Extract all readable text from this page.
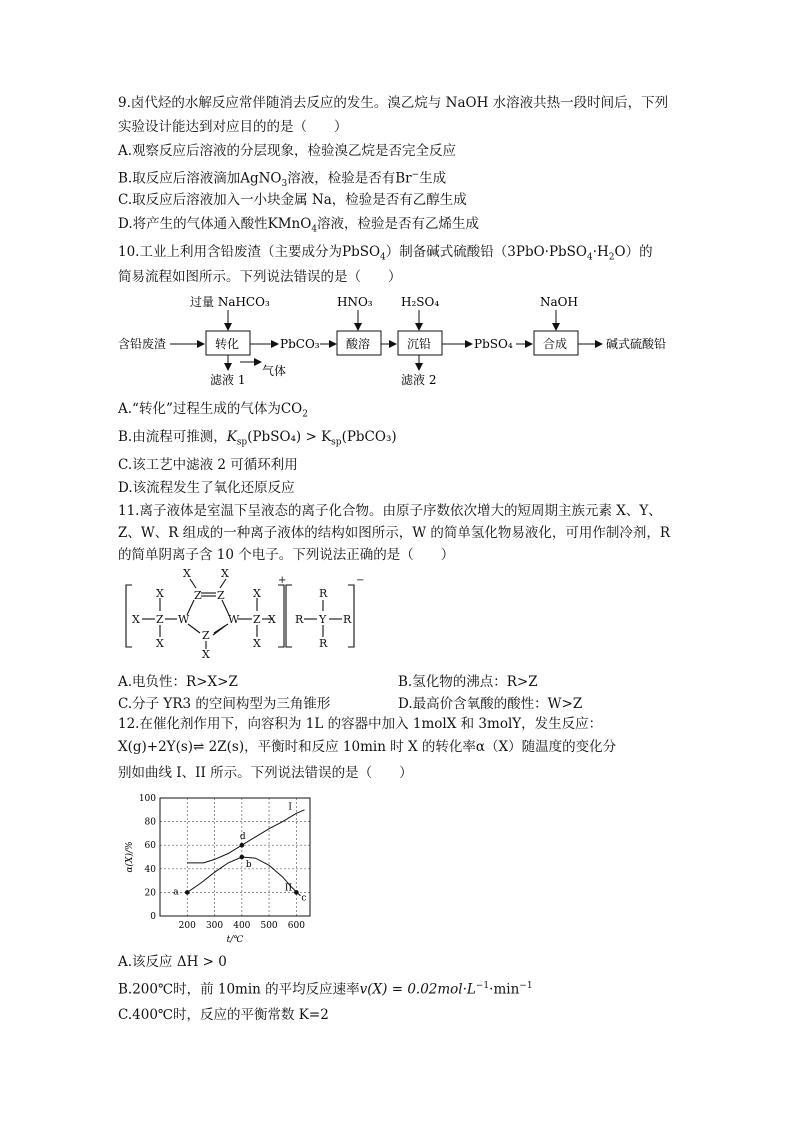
9.卤代烃的水解反应常伴随消去反应的发生。溴乙烷与 NaOH 水溶液共热一段时间后，下列
实验设计能达到对应目的的是（　　）
A.观察反应后溶液的分层现象，检验溴乙烷是否完全反应
B.取反应后溶液滴加AgNO$_3$溶液，检验是否有Br−生成
C.取反应后溶液加入一小块金属 Na，检验是否有乙醇生成
D.将产生的气体通入酸性KMnO$_4$溶液，检验是否有乙烯生成
10.工业上利用含铅废渣（主要成分为PbSO$_4$）制备碱式硫酸铅$(3PbO\cdot PbSO_4\cdot H_2O)$的
简易流程如图所示。下列说法错误的是（　　）
含铅废渣
过量 NaHCO₃
转化
滤液 1
气体
PbCO₃
HNO₃
酸溶
H₂SO₄
沉铅
滤液 2
PbSO₄
NaOH
合成	碱式硫酸铅
A.“转化”过程生成的气体为$CO_2$
B.由流程可推测，$K_{sp}(PbSO_4)$ > $K_{sp}(PbCO_3)$
C.该工艺中滤液 2 可循环利用
D.该流程发生了氧化还原反应
11.离子液体是室温下呈液态的离子化合物。由原子序数依次增大的短周期主族元素 X、Y、
Z、W、R 组成的一种离子液体的结构如图所示，W 的简单氢化物易液化，可用作制冷剂，R
的简单阴离子含 10 个电子。下列说法正确的是（　　）
X
X
Z
X
W
X	X
Z Z
W
Z
X
X
Z
X
X
+
R
R
Y
R
R
−
A.电负性：R>X>Z	B.氢化物的沸点：R>Z
C.分子 YR3 的空间构型为三角锥形	D.最高价含氧酸的酸性：W>Z
12.在催化剂作用下，向容积为 1L 的容器中加入 1molX 和 3molY，发生反应：
X(g)+2Y(s)⇌ 2Z(s)，平衡时和反应 10min 时 X 的转化率α（X）随温度的变化分
别如曲线 I、II 所示。下列说法错误的是（　　）
0
20
40
60
80
100
200 300 400 500 600
t/℃
α(X)/%
I
II
a
b
c
d
A.该反应 ΔH > 0
B.200℃时，前 10min 的平均反应速率$v(X) = 0.02mol\cdot L^{-1}\cdot\min^{-1}$
C.400℃时，反应的平衡常数 K=2
